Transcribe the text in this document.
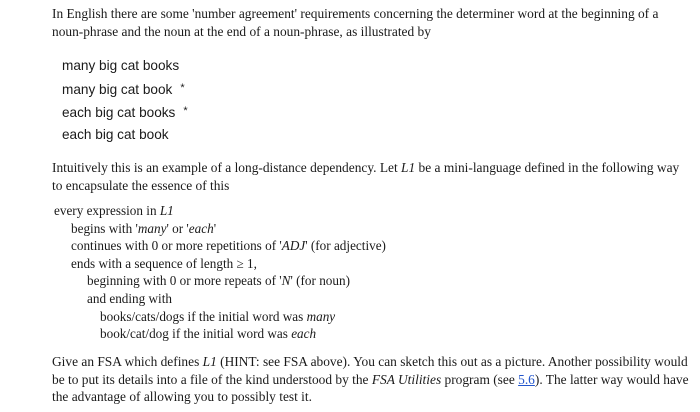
In English there are some 'number agreement' requirements concerning the determiner word at the beginning of a noun-phrase and the noun at the end of a noun-phrase, as illustrated by

many big cat books
many big cat book *
each big cat books *
each big cat book

Intuitively this is an example of a long-distance dependency. Let L1 be a mini-language defined in the following way to encapsulate the essence of this

every expression in L1
begins with 'many' or 'each'
continues with 0 or more repetitions of 'ADJ' (for adjective)
ends with a sequence of length ≥ 1,
beginning with 0 or more repeats of 'N' (for noun)
and ending with
books/cats/dogs if the initial word was many
book/cat/dog if the initial word was each

Give an FSA which defines L1 (HINT: see FSA above). You can sketch this out as a picture. Another possibility would be to put its details into a file of the kind understood by the FSA Utilities program (see 5.6). The latter way would have the advantage of allowing you to possibly test it.
